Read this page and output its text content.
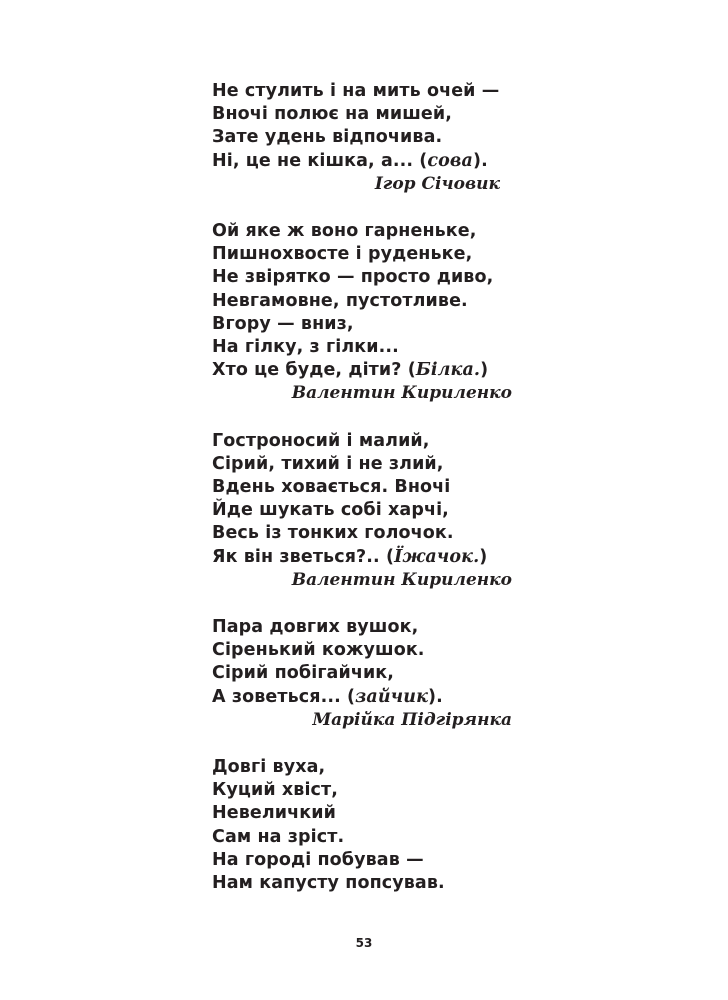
Не стулить і на мить очей —
Вночі полює на мишей,
Зате удень відпочива.
Ні, це не кішка, а... (сова).
Ігор Січовик
Ой яке ж воно гарненьке,
Пишнохвосте і руденьке,
Не звірятко — просто диво,
Невгамовне, пустотливе.
Вгору — вниз,
На гілку, з гілки...
Хто це буде, діти? (Білка.)
Валентин Кириленко
Гостроносий і малий,
Сірий, тихий і не злий,
Вдень ховається. Вночі
Йде шукать собі харчі,
Весь із тонких голочок.
Як він зветься?.. (Їжачок.)
Валентин Кириленко
Пара довгих вушок,
Сіренький кожушок.
Сірий побігайчик,
А зоветься... (зайчик).
Марійка Підгірянка
Довгі вуха,
Куций хвіст,
Невеличкий
Сам на зріст.
На городі побував —
Нам капусту попсував.
53
